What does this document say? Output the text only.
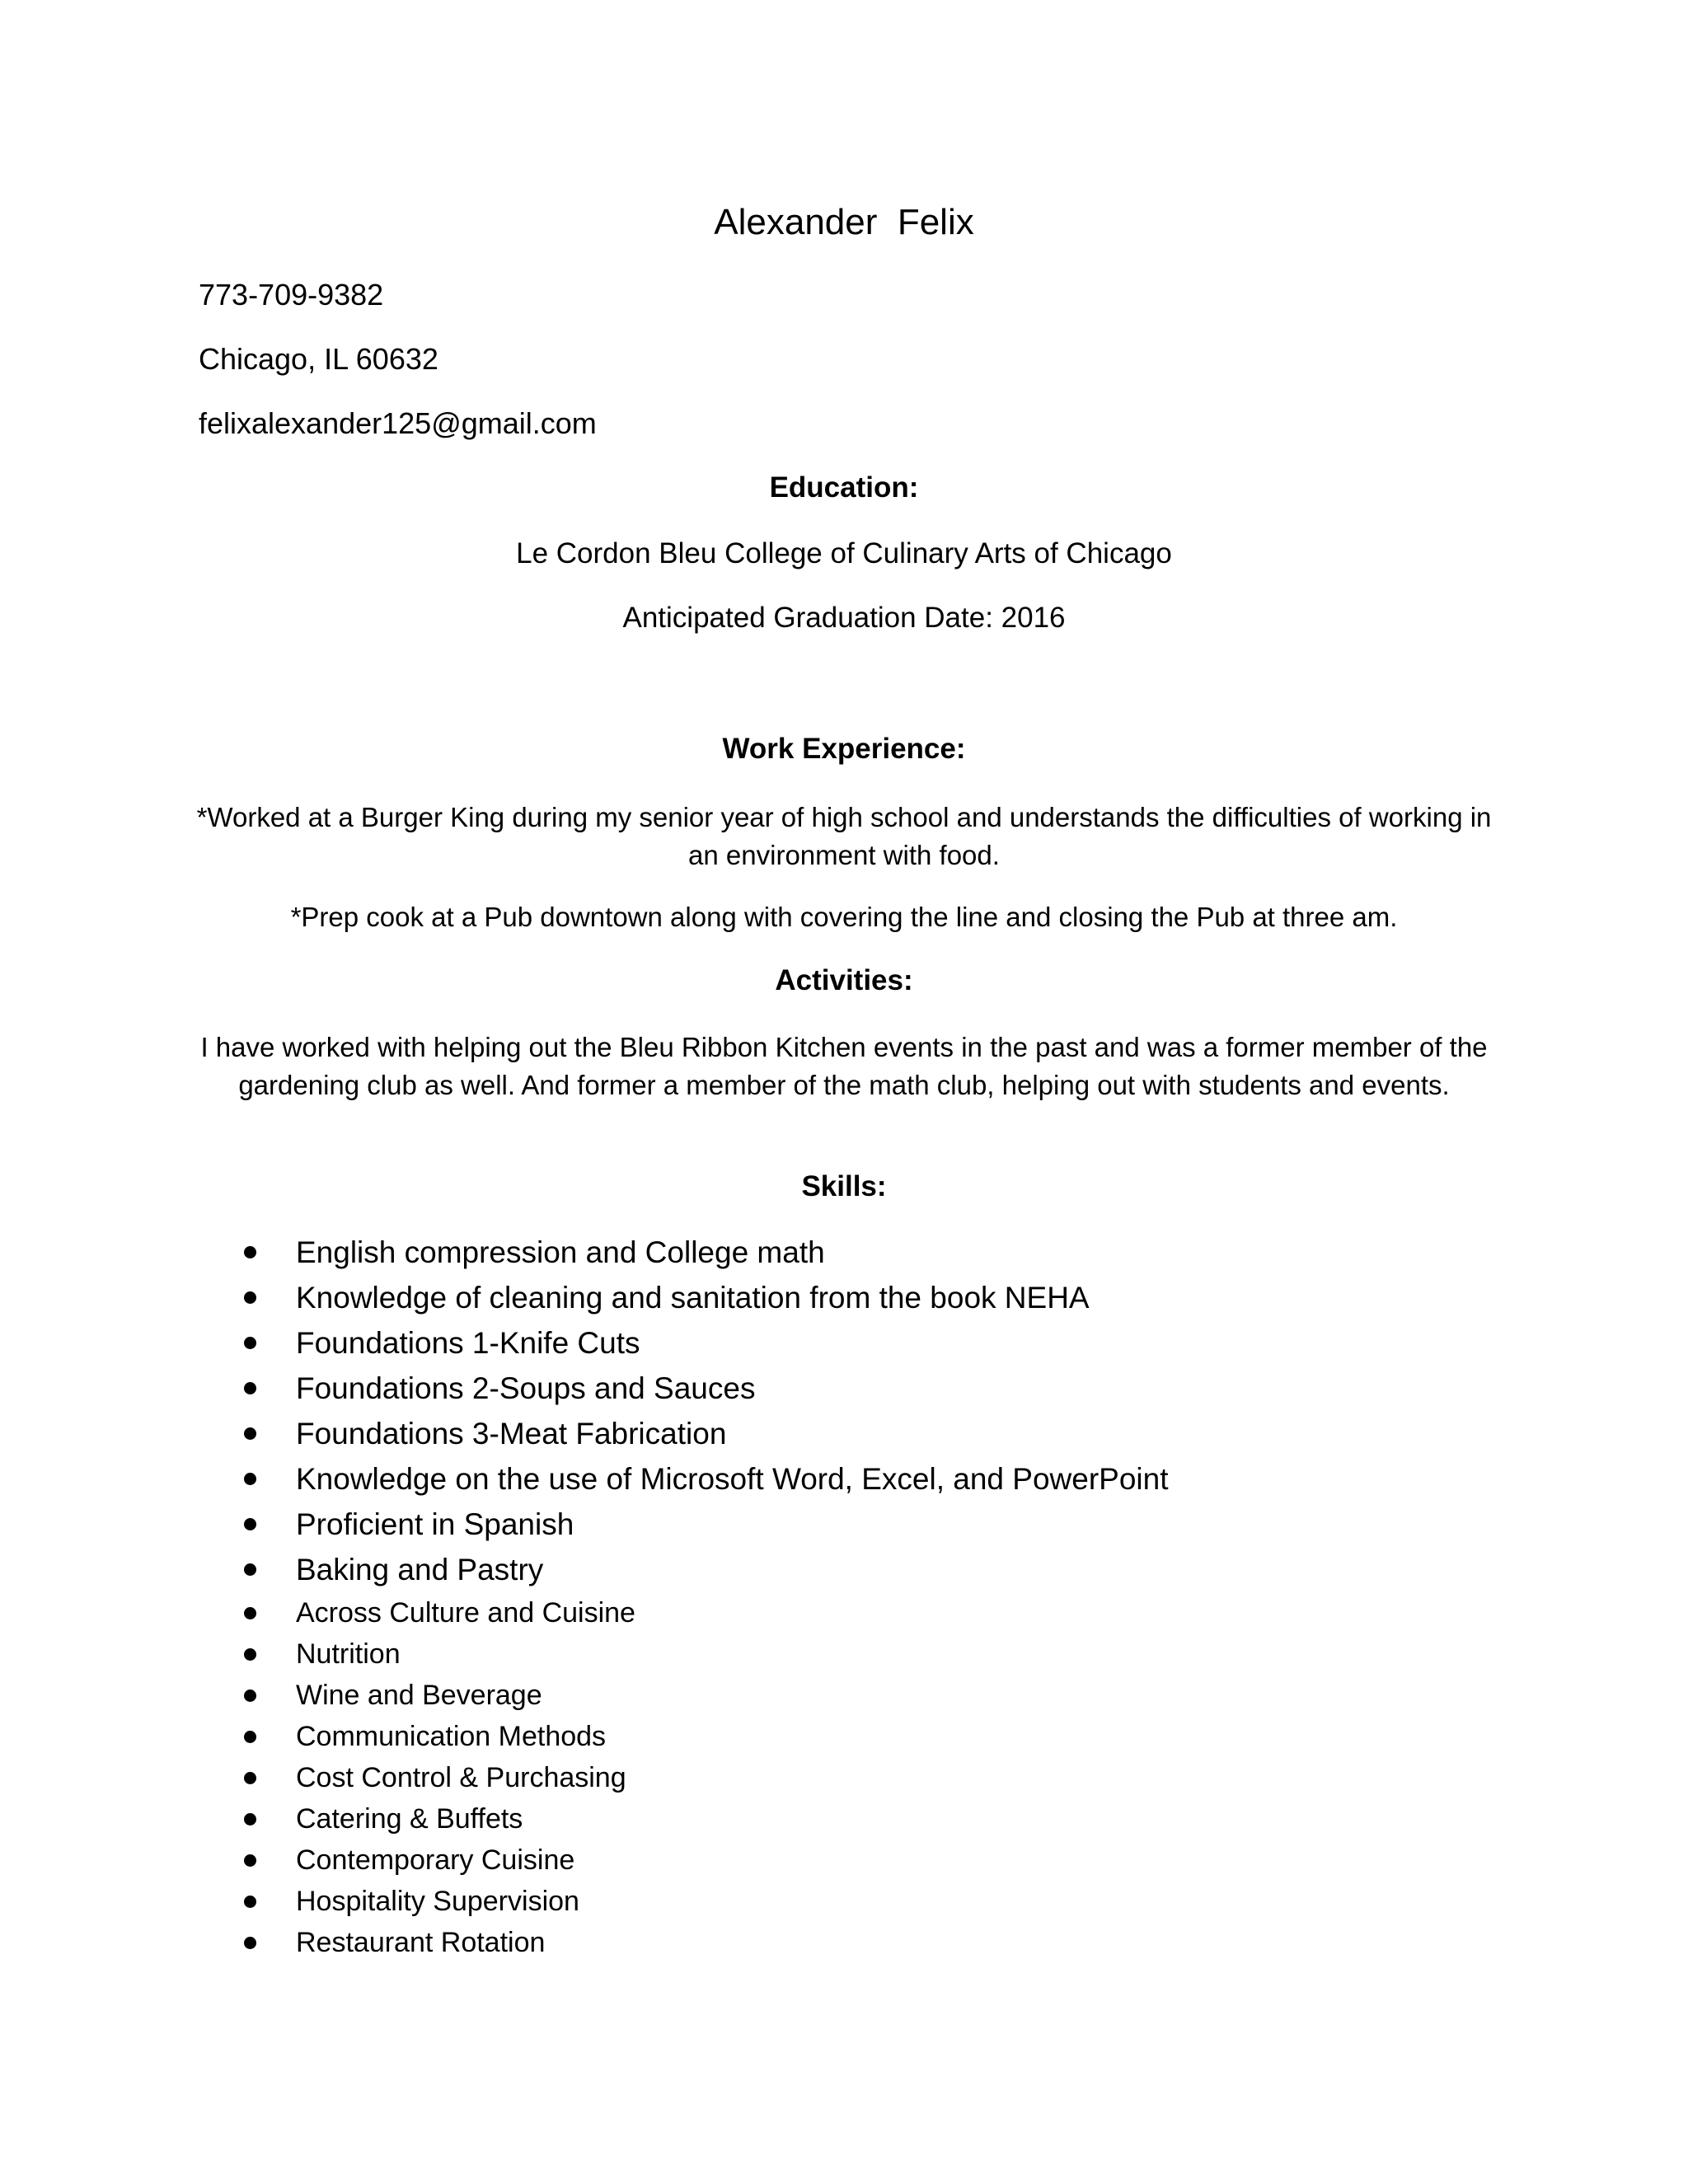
Alexander  Felix
773-709-9382
Chicago, IL 60632
felixalexander125@gmail.com
Education:
Le Cordon Bleu College of Culinary Arts of Chicago
Anticipated Graduation Date: 2016
Work Experience:
*Worked at a Burger King during my senior year of high school and understands the difficulties of working in an environment with food.
*Prep cook at a Pub downtown along with covering the line and closing the Pub at three am.
Activities:
I have worked with helping out the Bleu Ribbon Kitchen events in the past and was a former member of the gardening club as well. And former a member of the math club, helping out with students and events.
Skills:
English compression and College math
Knowledge of cleaning and sanitation from the book NEHA
Foundations 1-Knife Cuts
Foundations 2-Soups and Sauces
Foundations 3-Meat Fabrication
Knowledge on the use of Microsoft Word, Excel, and PowerPoint
Proficient in Spanish
Baking and Pastry
Across Culture and Cuisine
Nutrition
Wine and Beverage
Communication Methods
Cost Control & Purchasing
Catering & Buffets
Contemporary Cuisine
Hospitality Supervision
Restaurant Rotation
